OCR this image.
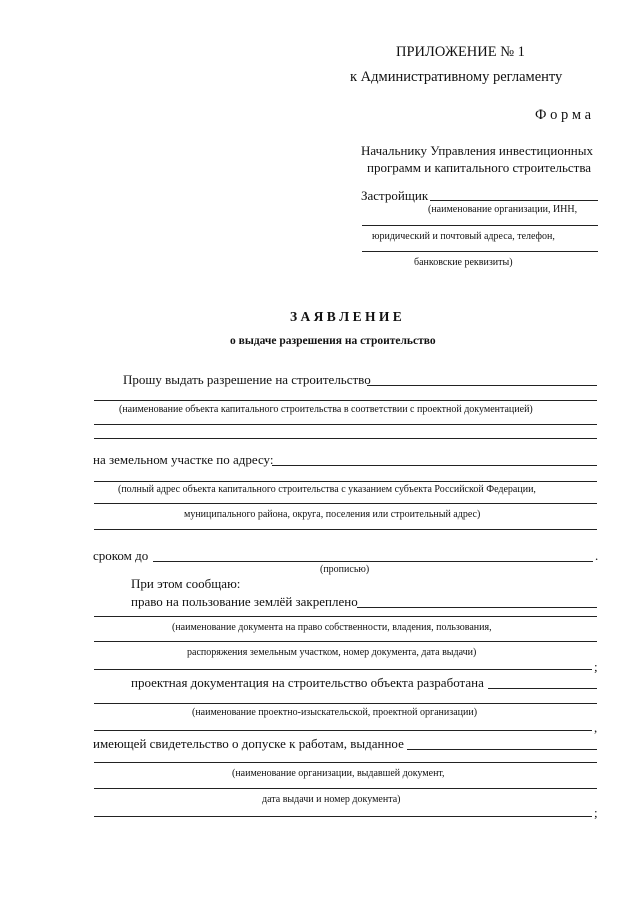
ПРИЛОЖЕНИЕ № 1
к Административному регламенту
Ф о р м а
Начальнику Управления инвестиционных
программ и капитального строительства
Застройщик
(наименование организации, ИНН,
юридический и почтовый адреса, телефон,
банковские реквизиты)
З А Я В Л Е Н И Е
о выдаче разрешения на строительство
Прошу выдать разрешение на строительство
(наименование объекта капитального строительства в соответствии с проектной документацией)
на земельном участке по адресу:
(полный адрес объекта капитального строительства с указанием субъекта Российской Федерации,
муниципального района, округа, поселения или строительный адрес)
сроком до	.
(прописью)
При этом сообщаю:
право на пользование землёй закреплено
(наименование документа на право собственности, владения, пользования,
распоряжения земельным участком, номер документа, дата выдачи)
;
проектная документация на строительство объекта разработана
(наименование проектно-изыскательской, проектной организации)
,
имеющей свидетельство о допуске к работам, выданное
(наименование организации, выдавшей документ,
дата выдачи и номер документа)
;
